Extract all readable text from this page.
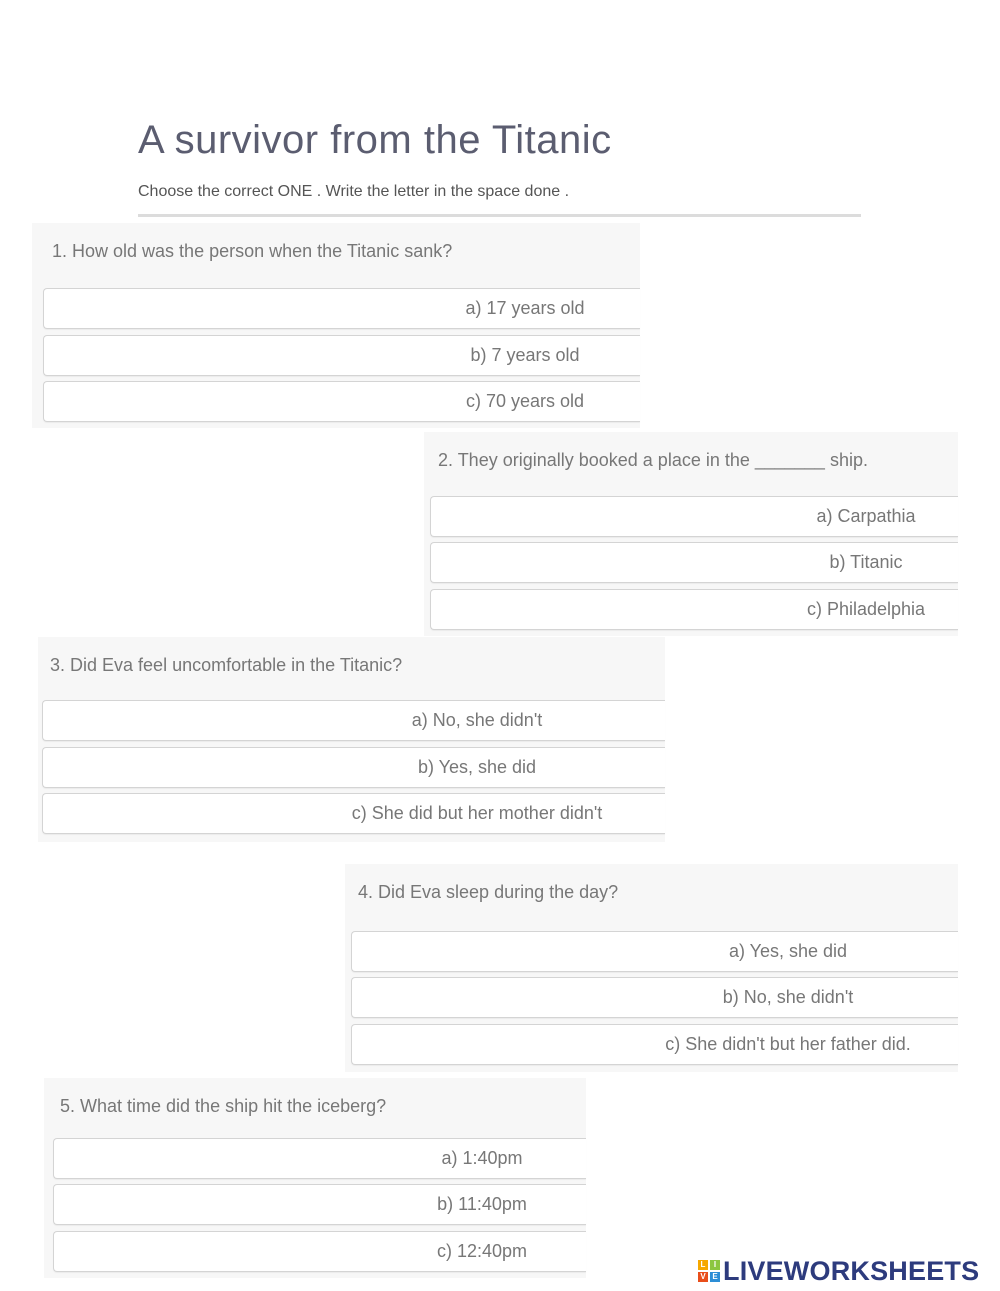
A survivor from the Titanic
Choose the correct ONE . Write the letter in the space done .
1. How old was the person when the Titanic sank?
a) 17 years old
b) 7 years old
c) 70 years old
2. They originally booked a place in the _______ ship.
a) Carpathia
b) Titanic
c) Philadelphia
3. Did Eva feel uncomfortable in the Titanic?
a) No, she didn't
b) Yes, she did
c) She did but her mother didn't
4. Did Eva sleep during the day?
a) Yes, she did
b) No, she didn't
c) She didn't but her father did.
5. What time did the ship hit the iceberg?
a) 1:40pm
b) 11:40pm
c) 12:40pm
L	I
V E LIVEWORKSHEETS
